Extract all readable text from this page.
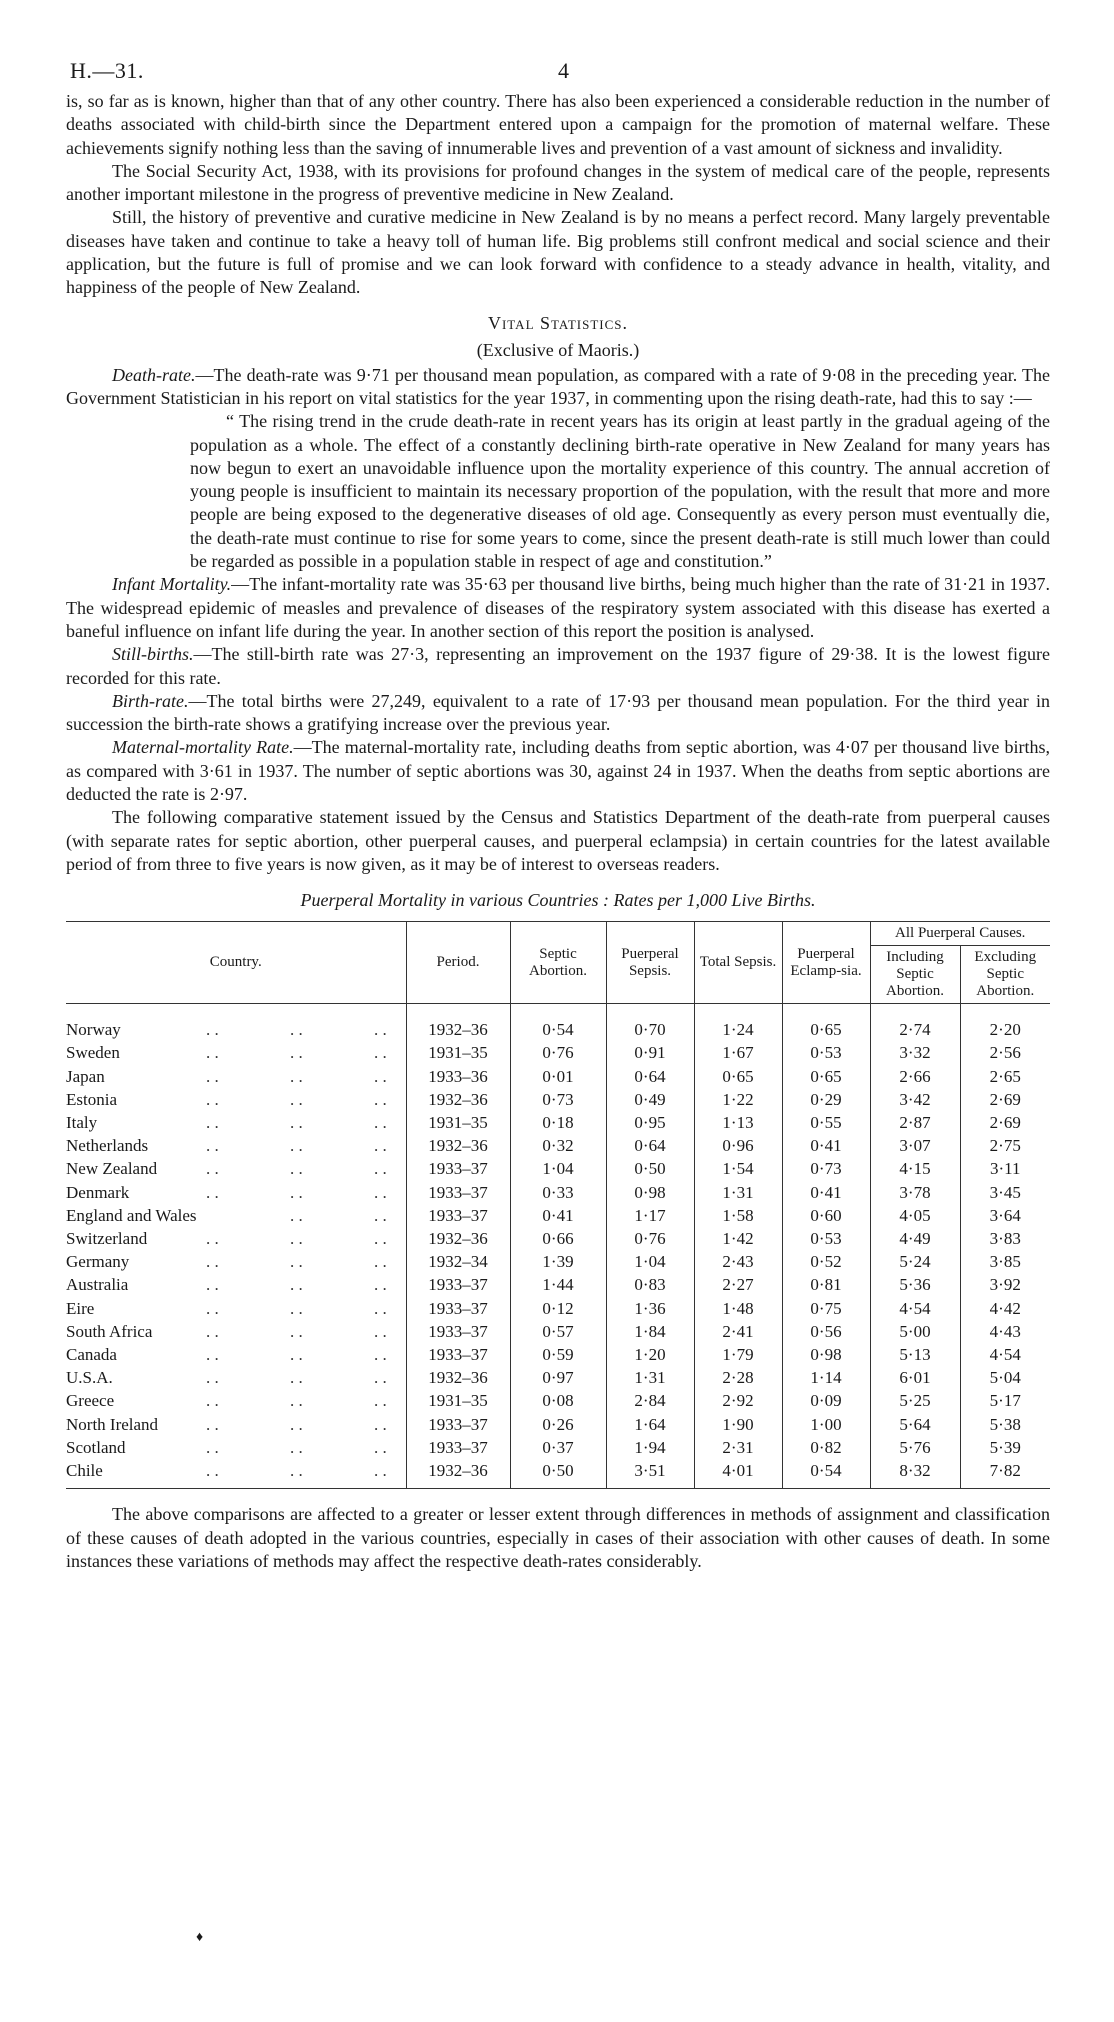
H.—31.	4

is, so far as is known, higher than that of any other country. There has also been experienced a considerable reduction in the number of deaths associated with child-birth since the Department entered upon a campaign for the promotion of maternal welfare. These achievements signify nothing less than the saving of innumerable lives and prevention of a vast amount of sickness and invalidity.

The Social Security Act, 1938, with its provisions for profound changes in the system of medical care of the people, represents another important milestone in the progress of preventive medicine in New Zealand.

Still, the history of preventive and curative medicine in New Zealand is by no means a perfect record. Many largely preventable diseases have taken and continue to take a heavy toll of human life. Big problems still confront medical and social science and their application, but the future is full of promise and we can look forward with confidence to a steady advance in health, vitality, and happiness of the people of New Zealand.

Vital Statistics.
(Exclusive of Maoris.)

Death-rate.—The death-rate was 9·71 per thousand mean population, as compared with a rate of 9·08 in the preceding year. The Government Statistician in his report on vital statistics for the year 1937, in commenting upon the rising death-rate, had this to say :—

“ The rising trend in the crude death-rate in recent years has its origin at least partly in the gradual ageing of the population as a whole. The effect of a constantly declining birth-rate operative in New Zealand for many years has now begun to exert an unavoidable influence upon the mortality experience of this country. The annual accretion of young people is insufficient to maintain its necessary proportion of the population, with the result that more and more people are being exposed to the degenerative diseases of old age. Consequently as every person must eventually die, the death-rate must continue to rise for some years to come, since the present death-rate is still much lower than could be regarded as possible in a population stable in respect of age and constitution.”

Infant Mortality.—The infant-mortality rate was 35·63 per thousand live births, being much higher than the rate of 31·21 in 1937. The widespread epidemic of measles and prevalence of diseases of the respiratory system associated with this disease has exerted a baneful influence on infant life during the year. In another section of this report the position is analysed.

Still-births.—The still-birth rate was 27·3, representing an improvement on the 1937 figure of 29·38. It is the lowest figure recorded for this rate.

Birth-rate.—The total births were 27,249, equivalent to a rate of 17·93 per thousand mean population. For the third year in succession the birth-rate shows a gratifying increase over the previous year.

Maternal-mortality Rate.—The maternal-mortality rate, including deaths from septic abortion, was 4·07 per thousand live births, as compared with 3·61 in 1937. The number of septic abortions was 30, against 24 in 1937. When the deaths from septic abortions are deducted the rate is 2·97.

The following comparative statement issued by the Census and Statistics Department of the death-rate from puerperal causes (with separate rates for septic abortion, other puerperal causes, and puerperal eclampsia) in certain countries for the latest available period of from three to five years is now given, as it may be of interest to overseas readers.

Puerperal Mortality in various Countries : Rates per 1,000 Live Births.
Country.	Period.	Septic Abortion.	Puerperal Sepsis.	Total Sepsis.	Puerperal Eclamp-sia.	All Puerperal Causes.	
						Including Septic Abortion.	Excluding Septic Abortion.

Norway . . . . . .	1932–36	0·54	0·70	1·24	0·65	2·74	2·20
Sweden . . . . . .	1931–35	0·76	0·91	1·67	0·53	3·32	2·56
Japan . . . . . .	1933–36	0·01	0·64	0·65	0·65	2·66	2·65
Estonia . . . . . .	1932–36	0·73	0·49	1·22	0·29	3·42	2·69
Italy . . . . . .	1931–35	0·18	0·95	1·13	0·55	2·87	2·69
Netherlands . . . . . .	1932–36	0·32	0·64	0·96	0·41	3·07	2·75
New Zealand . . . . . .	1933–37	1·04	0·50	1·54	0·73	4·15	3·11
Denmark . . . . . .	1933–37	0·33	0·98	1·31	0·41	3·78	3·45
England and Wales . . . .	1933–37	0·41	1·17	1·58	0·60	4·05	3·64
Switzerland . . . . . .	1932–36	0·66	0·76	1·42	0·53	4·49	3·83
Germany . . . . . .	1932–34	1·39	1·04	2·43	0·52	5·24	3·85
Australia . . . . . .	1933–37	1·44	0·83	2·27	0·81	5·36	3·92
Eire . . . . . .	1933–37	0·12	1·36	1·48	0·75	4·54	4·42
South Africa . . . . . .	1933–37	0·57	1·84	2·41	0·56	5·00	4·43
Canada . . . . . .	1933–37	0·59	1·20	1·79	0·98	5·13	4·54
U.S.A. . . . . . .	1932–36	0·97	1·31	2·28	1·14	6·01	5·04
Greece . . . . . .	1931–35	0·08	2·84	2·92	0·09	5·25	5·17
North Ireland . . . . . .	1933–37	0·26	1·64	1·90	1·00	5·64	5·38
Scotland . . . . . .	1933–37	0·37	1·94	2·31	0·82	5·76	5·39
Chile . . . . . .	1932–36	0·50	3·51	4·01	0·54	8·32	7·82

The above comparisons are affected to a greater or lesser extent through differences in methods of assignment and classification of these causes of death adopted in the various countries, especially in cases of their association with other causes of death. In some instances these variations of methods may affect the respective death-rates considerably.

♦
